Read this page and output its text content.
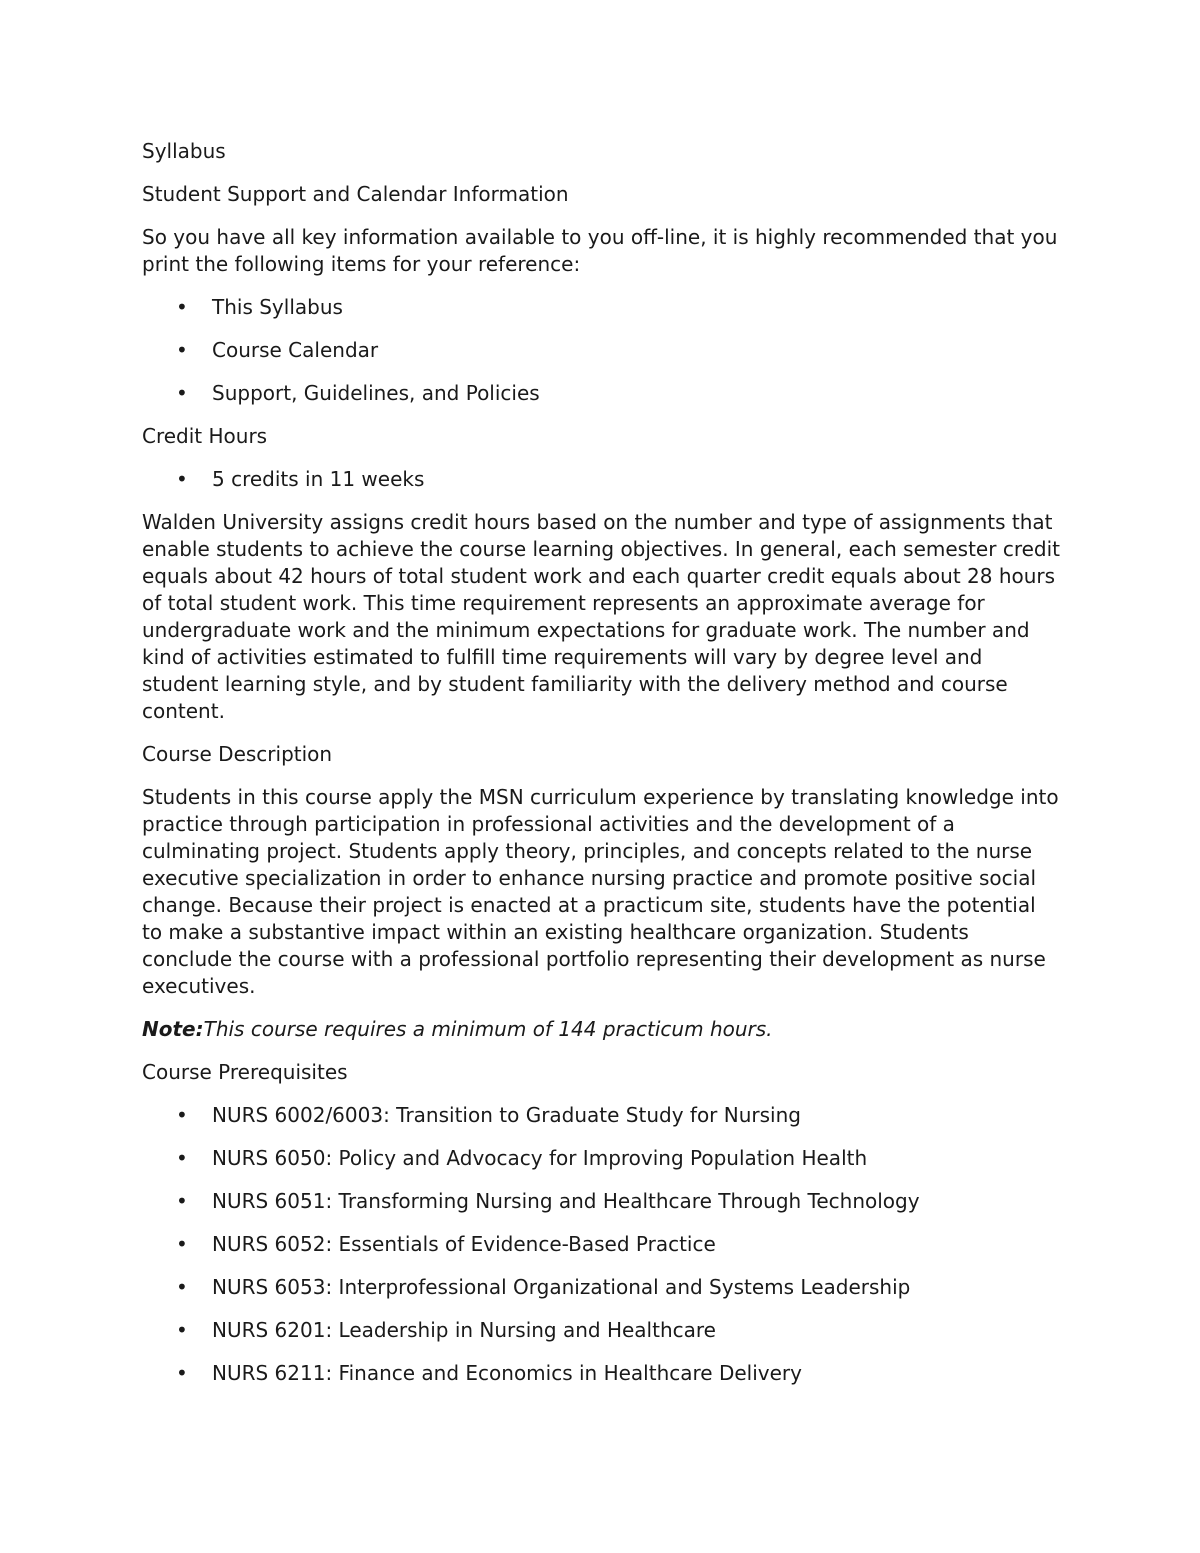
Syllabus

Student Support and Calendar Information

So you have all key information available to you off-line, it is highly recommended that you print the following items for your reference:

• This Syllabus
• Course Calendar
• Support, Guidelines, and Policies

Credit Hours

• 5 credits in 11 weeks

Walden University assigns credit hours based on the number and type of assignments that enable students to achieve the course learning objectives. In general, each semester credit equals about 42 hours of total student work and each quarter credit equals about 28 hours of total student work. This time requirement represents an approximate average for undergraduate work and the minimum expectations for graduate work. The number and kind of activities estimated to fulfill time requirements will vary by degree level and student learning style, and by student familiarity with the delivery method and course content.

Course Description

Students in this course apply the MSN curriculum experience by translating knowledge into practice through participation in professional activities and the development of a culminating project. Students apply theory, principles, and concepts related to the nurse executive specialization in order to enhance nursing practice and promote positive social change. Because their project is enacted at a practicum site, students have the potential to make a substantive impact within an existing healthcare organization. Students conclude the course with a professional portfolio representing their development as nurse executives.

Note:This course requires a minimum of 144 practicum hours.

Course Prerequisites

• NURS 6002/6003: Transition to Graduate Study for Nursing
• NURS 6050: Policy and Advocacy for Improving Population Health
• NURS 6051: Transforming Nursing and Healthcare Through Technology
• NURS 6052: Essentials of Evidence-Based Practice
• NURS 6053: Interprofessional Organizational and Systems Leadership
• NURS 6201: Leadership in Nursing and Healthcare
• NURS 6211: Finance and Economics in Healthcare Delivery
